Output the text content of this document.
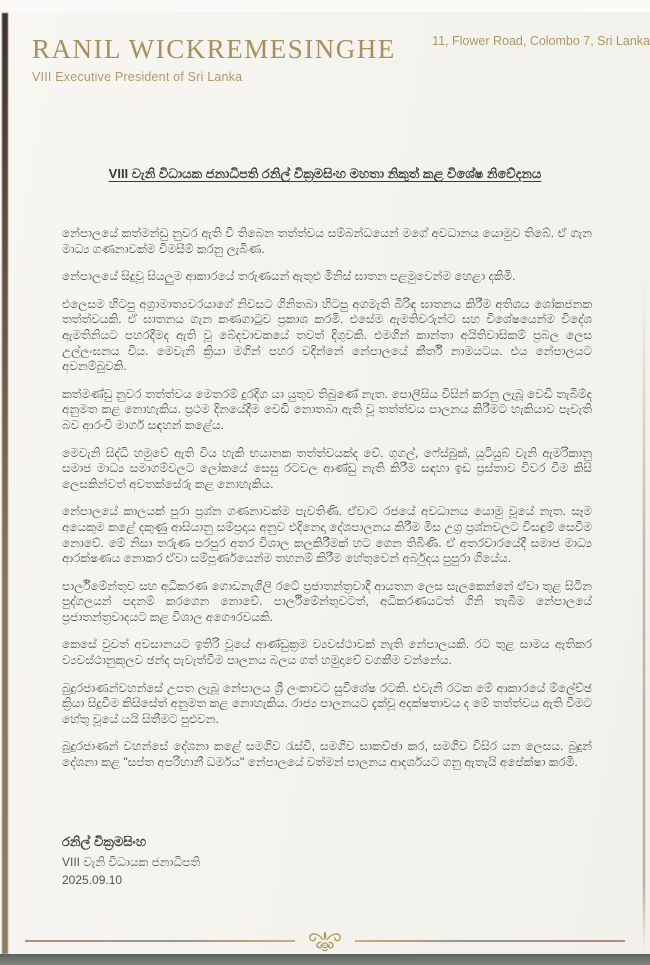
RANIL WICKREMESINGHE
VIII Executive President of Sri Lanka
11, Flower Road, Colombo 7, Sri Lanka
VIII වැනි විධායක ජනාධිපති රනිල් වික්‍රමසිංහ මහතා නිකුත් කළ විශේෂ නිවේදනය

නේපාලයේ කත්මන්ඩු නුවර ඇති වී තිබෙන තත්ත්වය සම්බන්ධයෙන් මගේ අවධානය යොමුව තිබේ. ඒ ගැන මාධ්‍ය ගණනාවක්ම විමසීම් කරනු ලැබිණ.

නේපාලයේ සිදුවූ සියලුම ආකාරයේ තරුණයන් ඇතුළු මිනිස් ඝාතන පළමුවෙන්ම හෙළා දකිමි.

එලෙසම හිටපු අග්‍රාමාත්‍යවරයාගේ නිවසට ගිනිතබා හිටපු අගමැති බිරිඳ ඝාතනය කිරීම අතිශය ශෝකජනක තත්ත්වයකි. ඒ ඝාතනය ගැන කණගාටුව ප්‍රකාශ කරමි. එසේම ඇමතිවරුන්ට සහ විශේෂයෙන්ම විදේශ ඇමතිනියට පහරදීමද ඇති වූ බේදවාචකයේ තවත් දිගුවකි. එමගින් කාන්තා අයිතිවාසිකම් ප්‍රබල ලෙස උල්ලංඝනය විය. මෙවැනි ක්‍රියා මගින් පහර වදින්නේ නේපාලයේ කීර්ති නාමයටය. එය නේපාලයට අවනම්බුවකි.

කත්මණ්ඩු නුවර තත්ත්වය මෙතරම් දුරදිග යා යුතුව තිබුණේ නැත. පොලීසිය විසින් කරනු ලැබූ වෙඩි තැබීම්ද අනුමත කළ නොහැකිය. ප්‍රථම දිනයේදීම වෙඩි නොතබා ඇති වූ තත්ත්වය පාලනය කිරීමට හැකියාව පැවැති බව ආරංචි මාර්ග සඳහන් කළේය.

මෙවැනි සිද්ධි හමුවේ ඇති විය හැකි භයානක තත්ත්වයක්ද වේ. ගුගල්, ෆේස්බුක්, යූටියුබ් වැනි ඇමරිකානු සමාජ මාධ්‍ය සමාගම්වලට ලෝකයේ සෙසු රටවල ආණ්ඩු නැති කිරීම සඳහා ඉඩ ප්‍රස්තාව විවර වීම කිසි ලෙසකින්වත් අවතක්සේරු කළ නොහැකිය.

නේපාලයේ කාලයක් පුරා ප්‍රශ්න ගණනාවක්ම පැවතිණි. ඒවාට රජයේ අවධානය යොමු වූයේ නැත. සෑම අයෙකුම කළේ දකුණු ආසියානු සම්ප්‍රදාය අනුව එදිනෙදා දේශපාලනය කිරීම මිස උග්‍ර ප්‍රශ්නවලට විසඳුම් සෙවීම නොවේ. මේ නිසා තරුණ පරපුර අතර විශාල කලකිරීමක් හට ගෙන තිබිණි. ඒ අතරවාරයේදී සමාජ මාධ්‍ය ආරක්ෂණය නොකර ඒවා සම්පූර්ණයෙන්ම තහනම් කිරීම හේතුවෙන් අර්බුදය පුපුරා ගියේය.

පාර්ලිමේන්තුව සහ අධිකරණ ගොඩනැගිලි රටේ ප්‍රජාතන්ත්‍රවාදී ආයතන ලෙස සැලකෙන්නේ ඒවා තුළ සිටින පුද්ගලයන් පදනම් කරගෙන නොවේ. පාර්ලිමේන්තුවටත්, අධිකරණයටත් ගිනි තැබීම නේපාලයේ ප්‍රජාතන්ත්‍රවාදයට කළ විශාල අගෞරවයකි.

කෙසේ වුවත් අවසානයට ඉතිරි වූයේ ආණ්ඩුක්‍රම ව්‍යවස්ථාවක් නැති නේපාලයකි. රට තුළ සාමය ඇතිකර ව්‍යවස්ථානුකූලව ඡන්ද පැවැත්වීම පාලනය බලය ගත් හමුදාවේ වගකීම වන්නේය.

බුදුරජාණන්වහන්සේ උපත ලැබූ නේපාලය ශ්‍රී ලංකාවට සුවිශේෂ රටකි. එවැනි රටක මේ ආකාරයේ ම්ලේච්ඡ ක්‍රියා සිදුවීම කිසිසේත් අනුමත කළ නොහැකිය. රාජ්‍ය පාලනයට දැක්වූ අදක්ෂතාවය ද මේ තත්ත්වය ඇති වීමට හේතු වූයේ යයි සිතීමට පුළුවන.

බුදුරජාණන් වහන්සේ දේශනා කළේ සමගිව රැස්වී, සමගිව සාකච්ඡා කර, සමගිව විසිර යන ලෙසය. බුදුන් දේශනා කළ "සප්ත අපරිහානී ධර්මය" නේපාලයේ වත්මන් පාලනය ආදර්ශයට ගනු ඇතැයි අපේක්ෂා කරමි.

රනිල් වික්‍රමසිංහ
VIII වැනි විධායක ජනාධිපති
2025.09.10
